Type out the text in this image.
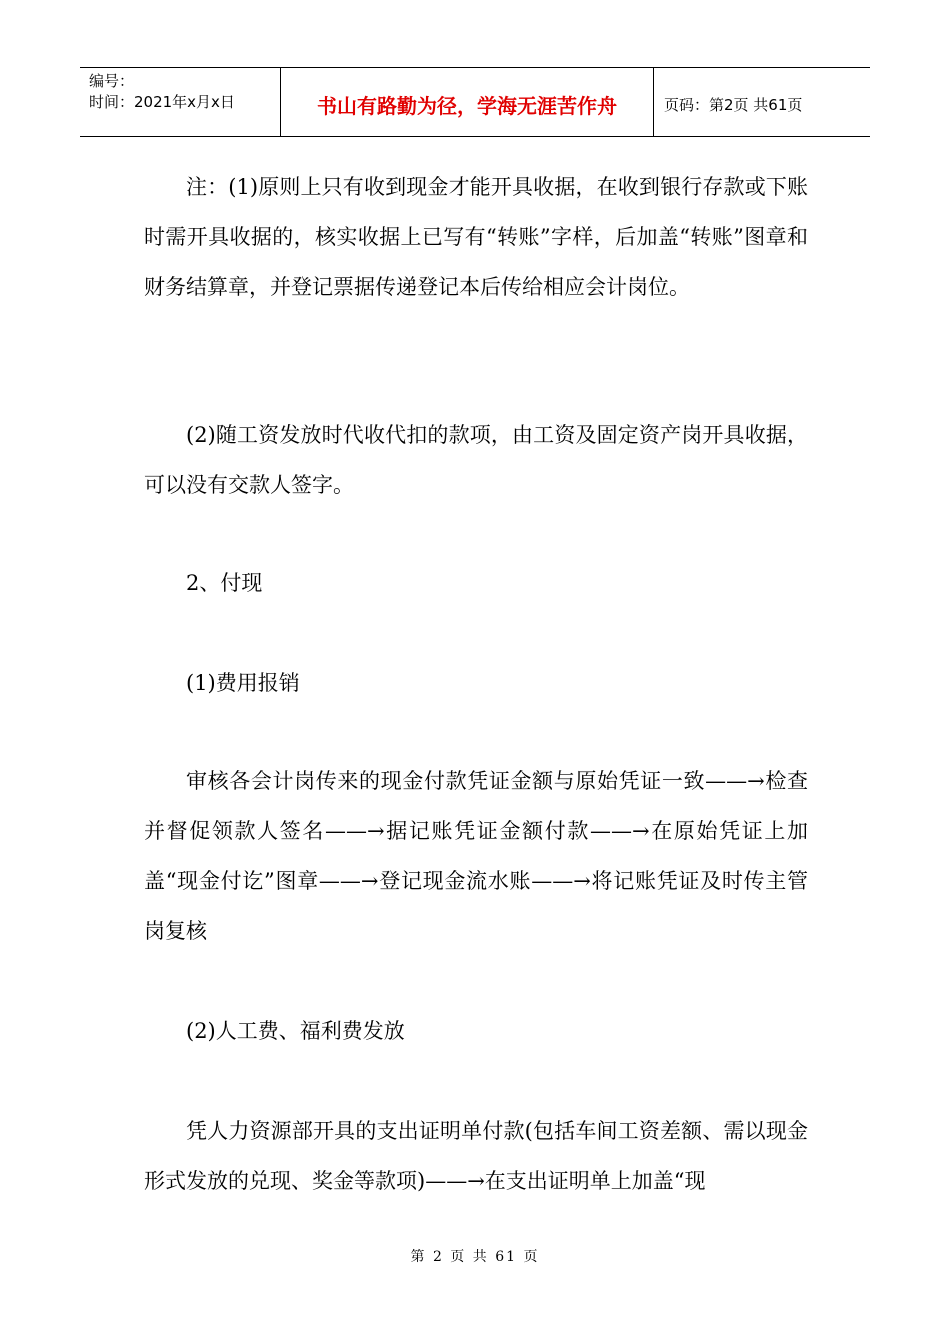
编号：
时间：2021年x月x日	书山有路勤为径，学海无涯苦作舟	页码：第2页 共61页

注：(1)原则上只有收到现金才能开具收据，在收到银行存款或下账时需开具收据的，核实收据上已写有“转账”字样，后加盖“转账”图章和财务结算章，并登记票据传递登记本后传给相应会计岗位。

(2)随工资发放时代收代扣的款项，由工资及固定资产岗开具收据，可以没有交款人签字。

2、付现

(1)费用报销

审核各会计岗传来的现金付款凭证金额与原始凭证一致——→检查并督促领款人签名——→据记账凭证金额付款——→在原始凭证上加盖“现金付讫”图章——→登记现金流水账——→将记账凭证及时传主管岗复核

(2)人工费、福利费发放

凭人力资源部开具的支出证明单付款(包括车间工资差额、需以现金形式发放的兑现、奖金等款项)——→在支出证明单上加盖“现

第 2 页 共 61 页
